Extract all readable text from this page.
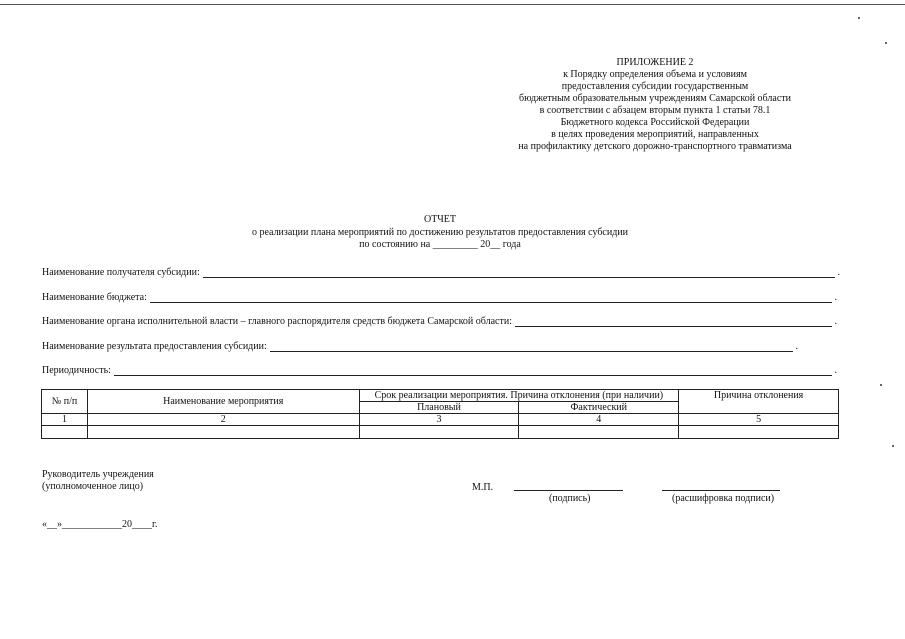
ПРИЛОЖЕНИЕ 2
к Порядку определения объема и условиям
предоставления субсидии государственным
бюджетным образовательным учреждениям Самарской области
в соответствии с абзацем вторым пункта 1 статьи 78.1
Бюджетного кодекса Российской Федерации
в целях проведения мероприятий, направленных
на профилактику детского дорожно-транспортного травматизма
ОТЧЕТ
о реализации плана мероприятий по достижению результатов предоставления субсидии
по состоянию на _________ 20__ года
Наименование получателя субсидии:	.
Наименование бюджета:	.
Наименование органа исполнительной власти – главного распорядителя средств бюджета Самарской области:	.
Наименование результата предоставления субсидии:	.
Периодичность:	.
№ п/п	Наименование мероприятия	Срок реализации мероприятия. Причина отклонения (при наличии)		Причина отклонения
		Плановый	Фактический	
1	2	3	4	5

Руководитель учреждения
(уполномоченное лицо)	М.П.
(подпись)	(расшифровка подписи)
«__»____________20____г.
